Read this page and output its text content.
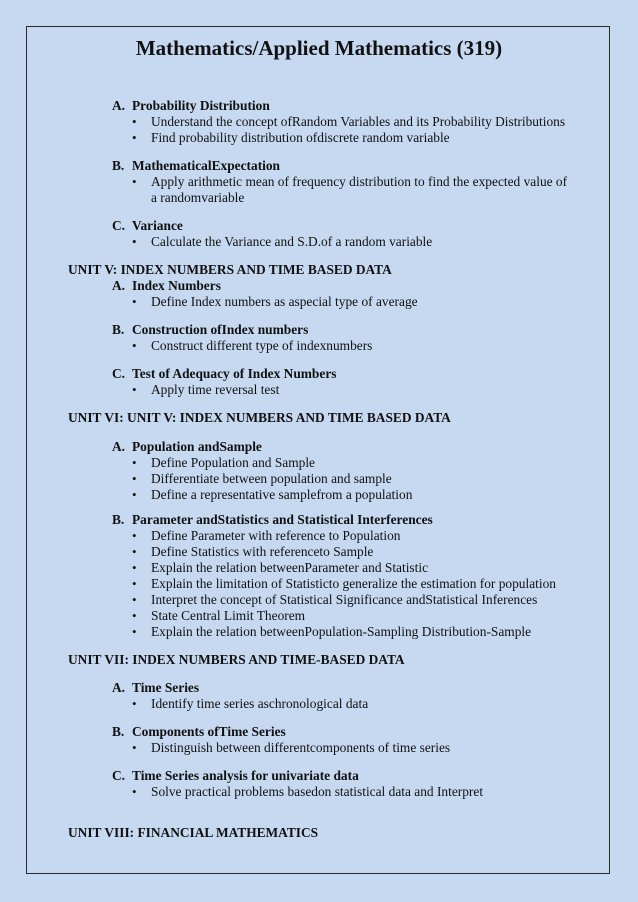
Mathematics/Applied Mathematics (319)
A. Probability Distribution
• Understand the concept ofRandom Variables and its Probability Distributions
• Find probability distribution ofdiscrete random variable
B. MathematicalExpectation
• Apply arithmetic mean of frequency distribution to find the expected value of a randomvariable
C. Variance
• Calculate the Variance and S.D.of a random variable
UNIT V: INDEX NUMBERS AND TIME BASED DATA
A. Index Numbers
• Define Index numbers as aspecial type of average
B. Construction ofIndex numbers
• Construct different type of indexnumbers
C. Test of Adequacy of Index Numbers
• Apply time reversal test
UNIT VI: UNIT V: INDEX NUMBERS AND TIME BASED DATA
A. Population andSample
• Define Population and Sample
• Differentiate between population and sample
• Define a representative samplefrom a population
B. Parameter andStatistics and Statistical Interferences
• Define Parameter with reference to Population
• Define Statistics with referenceto Sample
• Explain the relation betweenParameter and Statistic
• Explain the limitation of Statisticto generalize the estimation for population
• Interpret the concept of Statistical Significance andStatistical Inferences
• State Central Limit Theorem
• Explain the relation betweenPopulation-Sampling Distribution-Sample
UNIT VII: INDEX NUMBERS AND TIME-BASED DATA
A. Time Series
• Identify time series aschronological data
B. Components ofTime Series
• Distinguish between differentcomponents of time series
C. Time Series analysis for univariate data
• Solve practical problems basedon statistical data and Interpret
UNIT VIII: FINANCIAL MATHEMATICS
